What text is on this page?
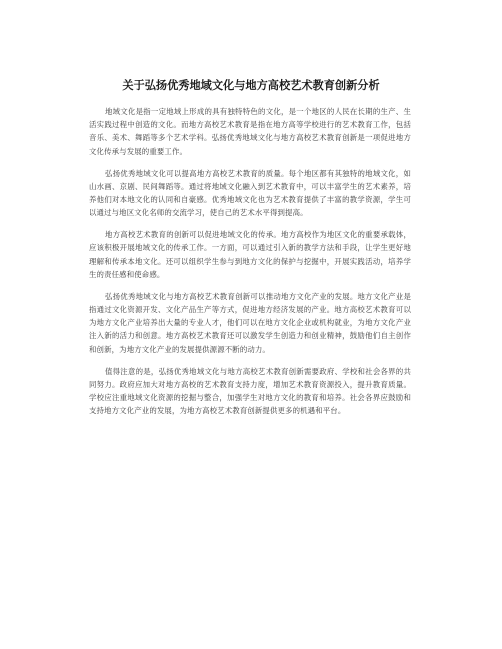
关于弘扬优秀地域文化与地方高校艺术教育创新分析

地域文化是指一定地域上形成的具有独特特色的文化，是一个地区的人民在长期的生产、生活实践过程中创造的文化。而地方高校艺术教育是指在地方高等学校进行的艺术教育工作，包括音乐、美术、舞蹈等多个艺术学科。弘扬优秀地域文化与地方高校艺术教育创新是一项促进地方文化传承与发展的重要工作。

弘扬优秀地域文化可以提高地方高校艺术教育的质量。每个地区都有其独特的地域文化，如山水画、京剧、民间舞蹈等。通过将地域文化融入到艺术教育中，可以丰富学生的艺术素养，培养他们对本地文化的认同和自豪感。优秀地域文化也为艺术教育提供了丰富的教学资源，学生可以通过与地区文化名师的交流学习，使自己的艺术水平得到提高。

地方高校艺术教育的创新可以促进地域文化的传承。地方高校作为地区文化的重要承载体，应该积极开展地域文化的传承工作。一方面，可以通过引入新的教学方法和手段，让学生更好地理解和传承本地文化。还可以组织学生参与到地方文化的保护与挖掘中，开展实践活动，培养学生的责任感和使命感。

弘扬优秀地域文化与地方高校艺术教育创新可以推动地方文化产业的发展。地方文化产业是指通过文化资源开发、文化产品生产等方式，促进地方经济发展的产业。地方高校艺术教育可以为地方文化产业培养出大量的专业人才，他们可以在地方文化企业或机构就业，为地方文化产业注入新的活力和创意。地方高校艺术教育还可以激发学生创造力和创业精神，鼓励他们自主创作和创新，为地方文化产业的发展提供源源不断的动力。

值得注意的是，弘扬优秀地域文化与地方高校艺术教育创新需要政府、学校和社会各界的共同努力。政府应加大对地方高校的艺术教育支持力度，增加艺术教育资源投入，提升教育质量。学校应注重地域文化资源的挖掘与整合，加强学生对地方文化的教育和培养。社会各界应鼓励和支持地方文化产业的发展，为地方高校艺术教育创新提供更多的机遇和平台。
